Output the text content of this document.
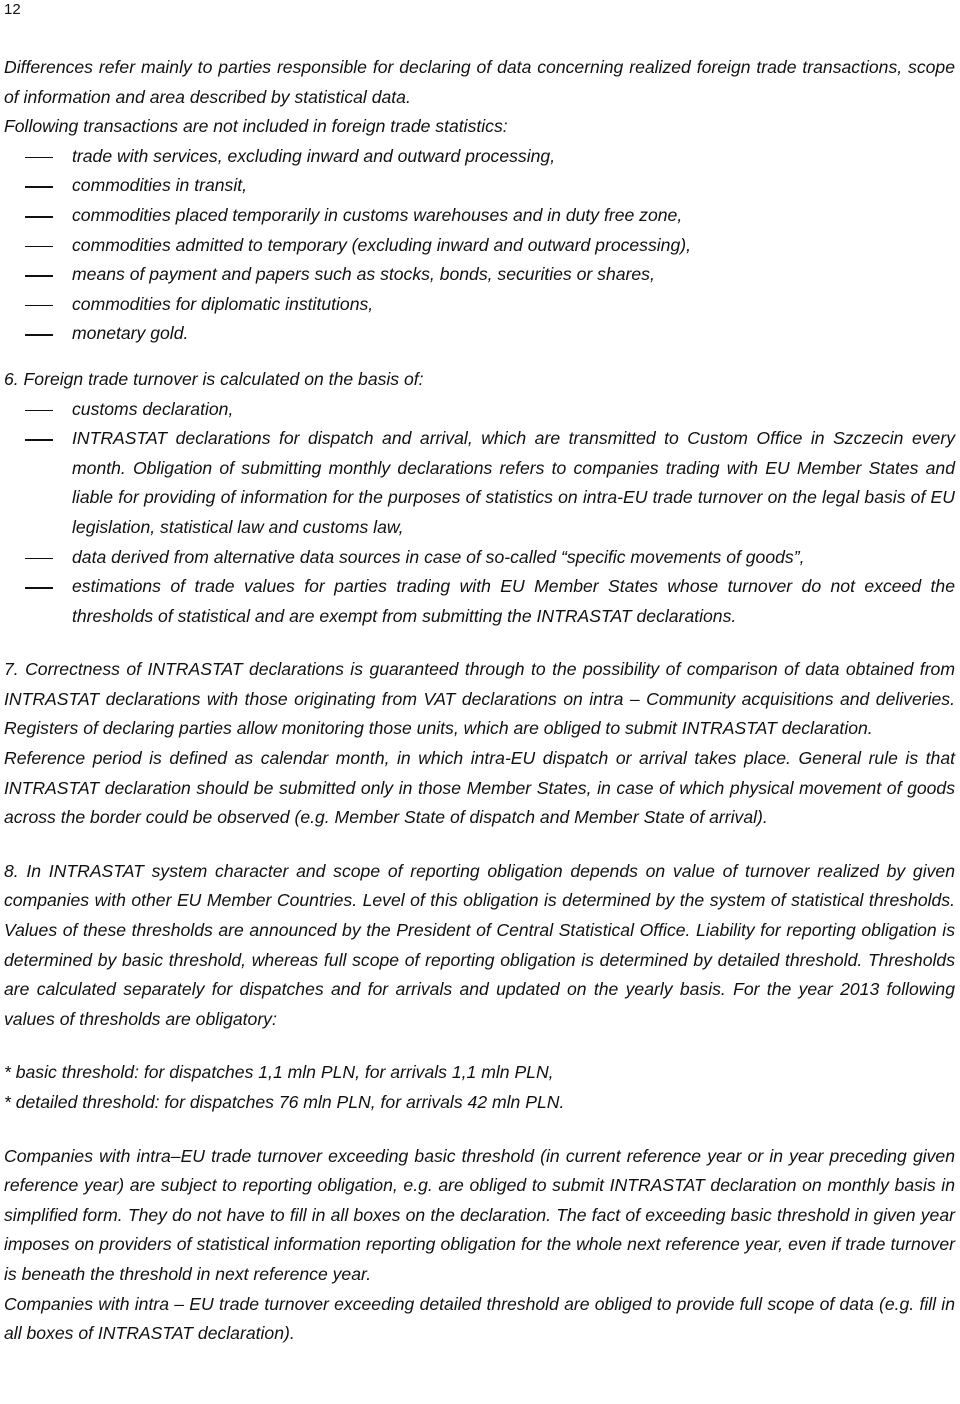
12

Differences refer mainly to parties responsible for declaring of data concerning realized foreign trade transactions, scope of information and area described by statistical data.

Following transactions are not included in foreign trade statistics:

trade with services, excluding inward and outward processing,
commodities in transit,
commodities placed temporarily in customs warehouses and in duty free zone,
commodities admitted to temporary (excluding inward and outward processing),
means of payment and papers such as stocks, bonds, securities or shares,
commodities for diplomatic institutions,
monetary gold.

6. Foreign trade turnover is calculated on the basis of:

customs declaration,
INTRASTAT declarations for dispatch and arrival, which are transmitted to Custom Office in Szczecin every month. Obligation of submitting monthly declarations refers to companies trading with EU Member States and liable for providing of information for the purposes of statistics on intra-EU trade turnover on the legal basis of EU legislation, statistical law and customs law,
data derived from alternative data sources in case of so-called “specific movements of goods”,
estimations of trade values for parties trading with EU Member States whose turnover do not exceed the thresholds of statistical and are exempt from submitting the INTRASTAT declarations.

7. Correctness of INTRASTAT declarations is guaranteed through to the possibility of comparison of data obtained from INTRASTAT declarations with those originating from VAT declarations on intra – Community acquisitions and deliveries. Registers of declaring parties allow monitoring those units, which are obliged to submit INTRASTAT declaration.

Reference period is defined as calendar month, in which intra-EU dispatch or arrival takes place. General rule is that INTRASTAT declaration should be submitted only in those Member States, in case of which physical movement of goods across the border could be observed (e.g. Member State of dispatch and Member State of arrival).

8. In INTRASTAT system character and scope of reporting obligation depends on value of turnover realized by given companies with other EU Member Countries. Level of this obligation is determined by the system of statistical thresholds. Values of these thresholds are announced by the President of Central Statistical Office. Liability for reporting obligation is determined by basic threshold, whereas full scope of reporting obligation is determined by detailed threshold. Thresholds are calculated separately for dispatches and for arrivals and updated on the yearly basis. For the year 2013 following values of thresholds are obligatory:

* basic threshold: for dispatches 1,1 mln PLN, for arrivals 1,1 mln PLN,

* detailed threshold: for dispatches 76 mln PLN, for arrivals 42 mln PLN.

Companies with intra–EU trade turnover exceeding basic threshold (in current reference year or in year preceding given reference year) are subject to reporting obligation, e.g. are obliged to submit INTRASTAT declaration on monthly basis in simplified form. They do not have to fill in all boxes on the declaration. The fact of exceeding basic threshold in given year imposes on providers of statistical information reporting obligation for the whole next reference year, even if trade turnover is beneath the threshold in next reference year.

Companies with intra – EU trade turnover exceeding detailed threshold are obliged to provide full scope of data (e.g. fill in all boxes of INTRASTAT declaration).
